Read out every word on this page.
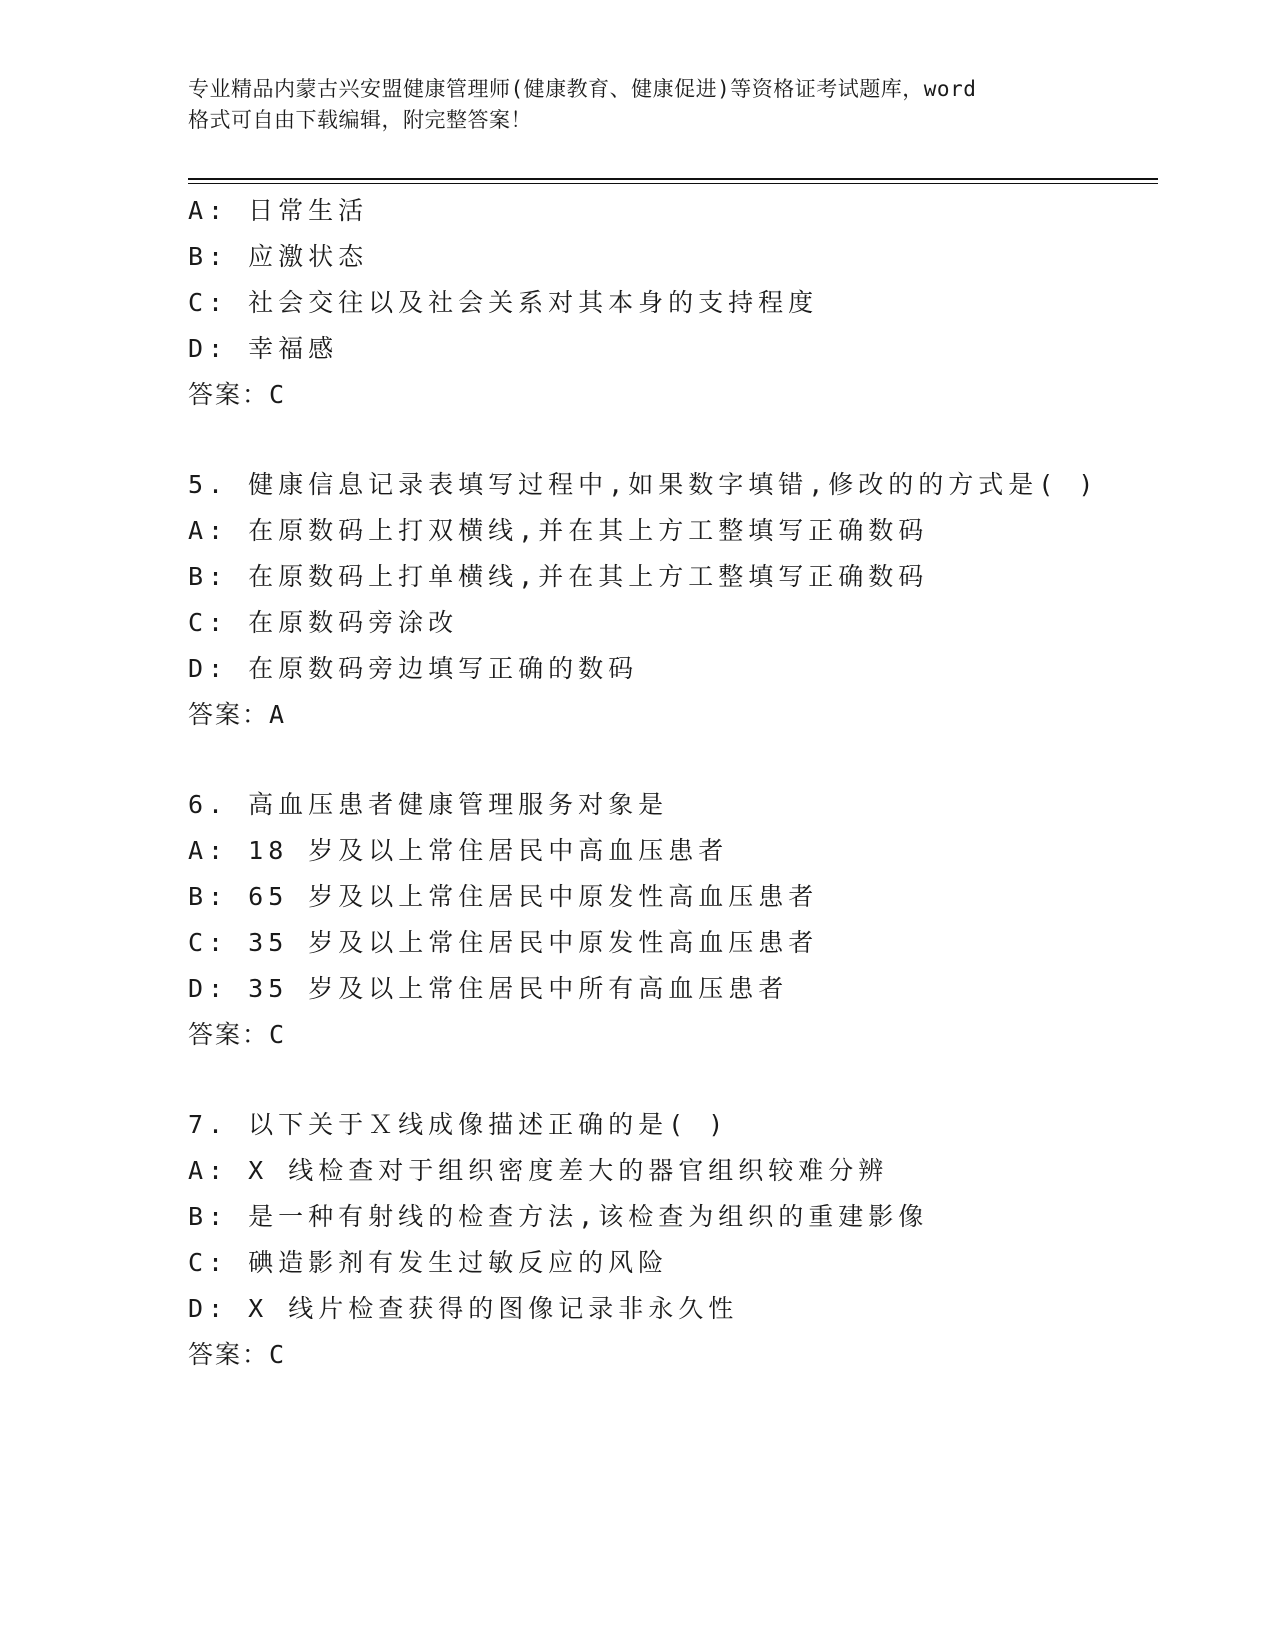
专业精品内蒙古兴安盟健康管理师(健康教育、健康促进)等资格证考试题库，word
格式可自由下载编辑，附完整答案！
A: 日常生活
B: 应激状态
C: 社会交往以及社会关系对其本身的支持程度
D: 幸福感
答案：C
5. 健康信息记录表填写过程中,如果数字填错,修改的的方式是( )
A: 在原数码上打双横线,并在其上方工整填写正确数码
B: 在原数码上打单横线,并在其上方工整填写正确数码
C: 在原数码旁涂改
D: 在原数码旁边填写正确的数码
答案：A
6. 高血压患者健康管理服务对象是
A: 18 岁及以上常住居民中高血压患者
B: 65 岁及以上常住居民中原发性高血压患者
C: 35 岁及以上常住居民中原发性高血压患者
D: 35 岁及以上常住居民中所有高血压患者
答案：C
7. 以下关于Ｘ线成像描述正确的是( )
A: X 线检查对于组织密度差大的器官组织较难分辨
B: 是一种有射线的检查方法,该检查为组织的重建影像
C: 碘造影剂有发生过敏反应的风险
D: X 线片检查获得的图像记录非永久性
答案：C
